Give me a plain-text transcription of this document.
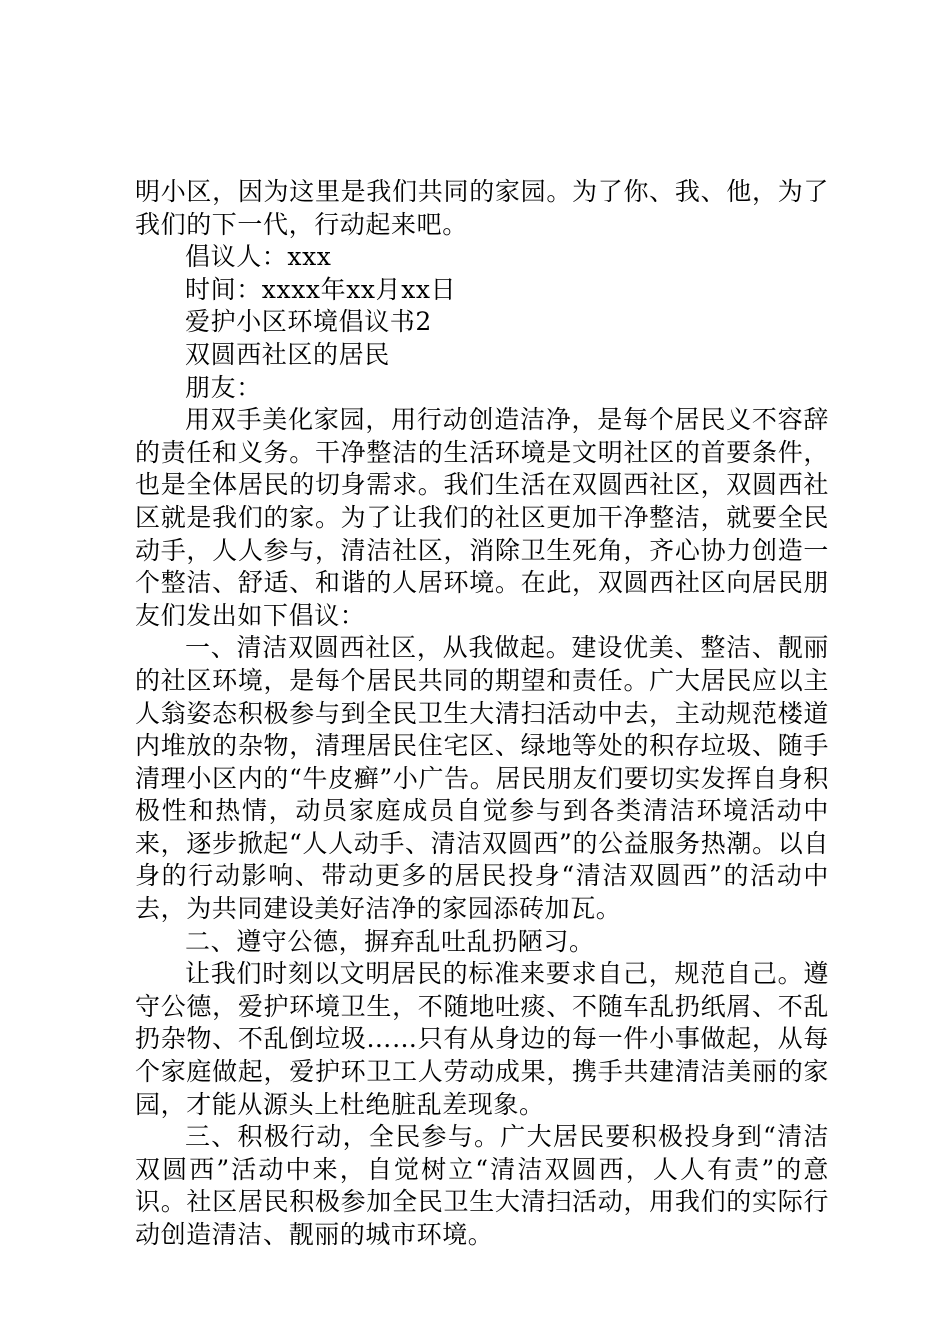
明小区，因为这里是我们共同的家园。为了你、我、他，为了我们的下一代，行动起来吧。

倡议人：xxx

时间：xxxx年xx月xx日

爱护小区环境倡议书2

双圆西社区的居民

朋友：

用双手美化家园，用行动创造洁净，是每个居民义不容辞的责任和义务。干净整洁的生活环境是文明社区的首要条件，也是全体居民的切身需求。我们生活在双圆西社区，双圆西社区就是我们的家。为了让我们的社区更加干净整洁，就要全民动手，人人参与，清洁社区，消除卫生死角，齐心协力创造一个整洁、舒适、和谐的人居环境。在此，双圆西社区向居民朋友们发出如下倡议：

一、清洁双圆西社区，从我做起。建设优美、整洁、靓丽的社区环境，是每个居民共同的期望和责任。广大居民应以主人翁姿态积极参与到全民卫生大清扫活动中去，主动规范楼道内堆放的杂物，清理居民住宅区、绿地等处的积存垃圾、随手清理小区内的“牛皮癣”小广告。居民朋友们要切实发挥自身积极性和热情，动员家庭成员自觉参与到各类清洁环境活动中来，逐步掀起“人人动手、清洁双圆西”的公益服务热潮。以自身的行动影响、带动更多的居民投身“清洁双圆西”的活动中去，为共同建设美好洁净的家园添砖加瓦。

二、遵守公德，摒弃乱吐乱扔陋习。

让我们时刻以文明居民的标准来要求自己，规范自己。遵守公德，爱护环境卫生，不随地吐痰、不随车乱扔纸屑、不乱扔杂物、不乱倒垃圾……只有从身边的每一件小事做起，从每个家庭做起，爱护环卫工人劳动成果，携手共建清洁美丽的家园，才能从源头上杜绝脏乱差现象。

三、积极行动，全民参与。广大居民要积极投身到“清洁双圆西”活动中来，自觉树立“清洁双圆西，人人有责”的意识。社区居民积极参加全民卫生大清扫活动，用我们的实际行动创造清洁、靓丽的城市环境。
